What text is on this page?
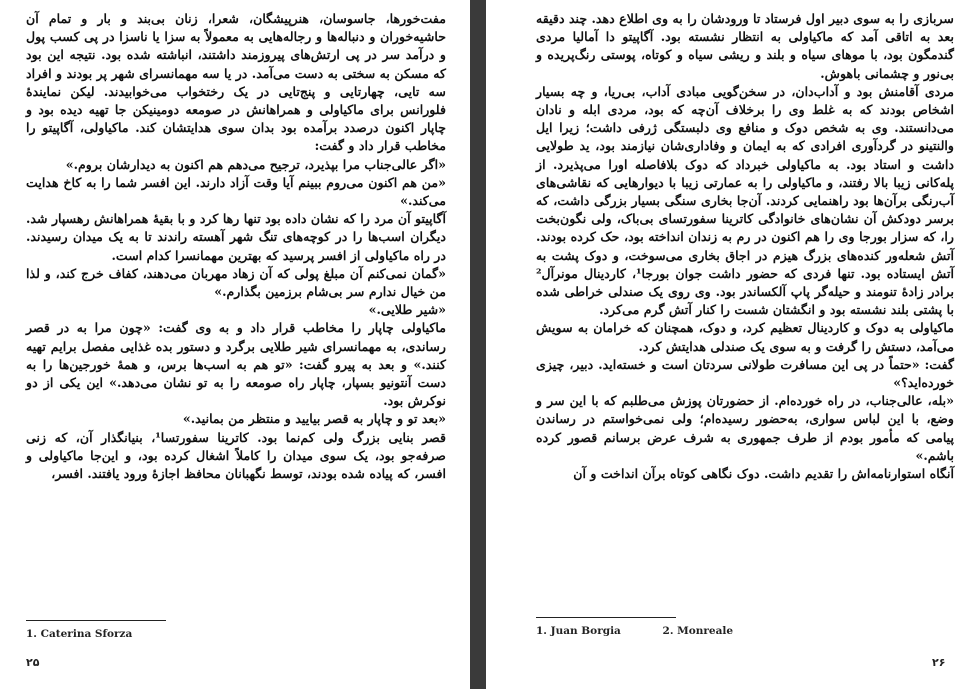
مفت‌خورها، جاسوسان، هنرپیشگان، شعرا، زنان بی‌بند و بار و تمام آن حاشیه‌خوران و دنباله‌ها و رجاله‌هایی به معمولاً به سزا یا ناسزا در پی کسب پول و درآمد سر در پی ارتش‌های پیروزمند داشتند، انباشته شده بود. نتیجه این بود که مسکن به سختی به دست می‌آمد. در یا سه مهمانسرای شهر پر بودند و افراد سه تایی، چهارتایی و پنج‌تایی در یک رختخواب می‌خوابیدند. لیکن نمایندهٔ فلورانس برای ماکیاولی و همراهانش در صومعه دومینیکن جا تهیه دیده بود و چاپار اکنون درصدد برآمده بود بدان سوی هدایتشان کند. ماکیاولی، آگاپیتو را مخاطب قرار داد و گفت:

«اگر عالی‌جناب مرا بپذیرد، ترجیح می‌دهم هم اکنون به دیدارشان بروم.»

«من هم اکنون می‌روم ببینم آیا وقت آزاد دارند. این افسر شما را به کاخ هدایت می‌کند.»

آگاپیتو آن مرد را که نشان داده بود تنها رها کرد و با بقیهٔ همراهانش رهسپار شد. دیگران اسب‌ها را در کوچه‌های تنگ شهر آهسته راندند تا به یک میدان رسیدند. در راه ماکیاولی از افسر پرسید که بهترین مهمانسرا کدام است.

«گمان نمی‌کنم آن مبلغ پولی که آن زهاد مهربان می‌دهند، کفاف خرج کند، و لذا من خیال ندارم سر بی‌شام برزمین بگذارم.»

«شیر طلایی.»

ماکیاولی چاپار را مخاطب قرار داد و به وی گفت: «چون مرا به در قصر رساندی، به مهمانسرای شیر طلایی برگرد و دستور بده غذایی مفصل برایم تهیه کنند.» و بعد به پیرو گفت: «تو هم به اسب‌ها برس، و همهٔ خورجین‌ها را به دست آنتونیو بسپار، چاپار راه صومعه را به تو نشان می‌دهد.» این یکی از دو نوکرش بود.

«بعد تو و چاپار به قصر بیایید و منتظر من بمانید.»

قصر بنایی بزرگ ولی کم‌نما بود. کاترینا سفورتسا¹، بنیانگذار آن، که زنی صرفه‌جو بود، یک سوی میدان را کاملاً اشغال کرده بود، و این‌جا ماکیاولی و افسر، که پیاده شده بودند، توسط نگهبانان محافظ اجازهٔ ورود یافتند. افسر،

1. Caterina Sforza
۲۵

سربازی را به سوی دبیر اول فرستاد تا ورودشان را به وی اطلاع دهد. چند دقیقه بعد به اتاقی آمد که ماکیاولی به انتظار نشسته بود. آگاپیتو دا آمالیا مردی گندمگون بود، با موهای سیاه و بلند و ریشی سیاه و کوتاه، پوستی رنگ‌پریده و بی‌نور و چشمانی باهوش.

مردی آقامنش بود و آداب‌دان، در سخن‌گویی مبادی آداب، بی‌ریا، و چه بسیار اشخاص بودند که به غلط وی را برخلاف آن‌چه که بود، مردی ابله و نادان می‌دانستند. وی به شخص دوک و منافع وی دلبستگی ژرفی داشت؛ زیرا ایل والنتینو در گردآوری افرادی که به ایمان و وفاداری‌شان نیازمند بود، ید طولایی داشت و استاد بود. به ماکیاولی خبرداد که دوک بلافاصله اورا می‌پذیرد. از پله‌کانی زیبا بالا رفتند، و ماکیاولی را به عمارتی زیبا با دیوارهایی که نقاشی‌های آب‌رنگی برآن‌ها بود راهنمایی کردند. آن‌جا بخاری سنگی بسیار بزرگی داشت، که برسر دودکش آن نشان‌های خانوادگی کاترینا سفورتسای بی‌باک، ولی نگون‌بخت را، که سزار بورجا وی را هم اکنون در رم به زندان انداخته بود، حک کرده بودند. آتش شعله‌ور کنده‌های بزرگ هیزم در اجاق بخاری می‌سوخت، و دوک پشت به آتش ایستاده بود. تنها فردی که حضور داشت جوان بورجا¹، کاردینال مونرآل² برادر زادهٔ تنومند و حیله‌گر پاپ آلکساندر بود. وی روی یک صندلی خراطی شده با پشتی بلند نشسته بود و انگشتان شست را کنار آتش گرم می‌کرد.

ماکیاولی به دوک و کاردینال تعظیم کرد، و دوک، همچنان که خرامان به سویش می‌آمد، دستش را گرفت و به سوی یک صندلی هدایتش کرد.

گفت: «حتماً در پی این مسافرت طولانی سردتان است و خسته‌اید. دبیر، چیزی خورده‌اید؟»

«بله، عالی‌جناب، در راه خورده‌ام. از حضورتان پوزش می‌طلبم که با این سر و وضع، با این لباس سواری، به‌حضور رسیده‌ام؛ ولی نمی‌خواستم در رساندن پیامی که مأمور بودم از طرف جمهوری به شرف عرض برسانم قصور کرده باشم.»

آنگاه استوارنامه‌اش را تقدیم داشت. دوک نگاهی کوتاه برآن انداخت و آن

1. Juan Borgia	2. Monreale
۲۶
